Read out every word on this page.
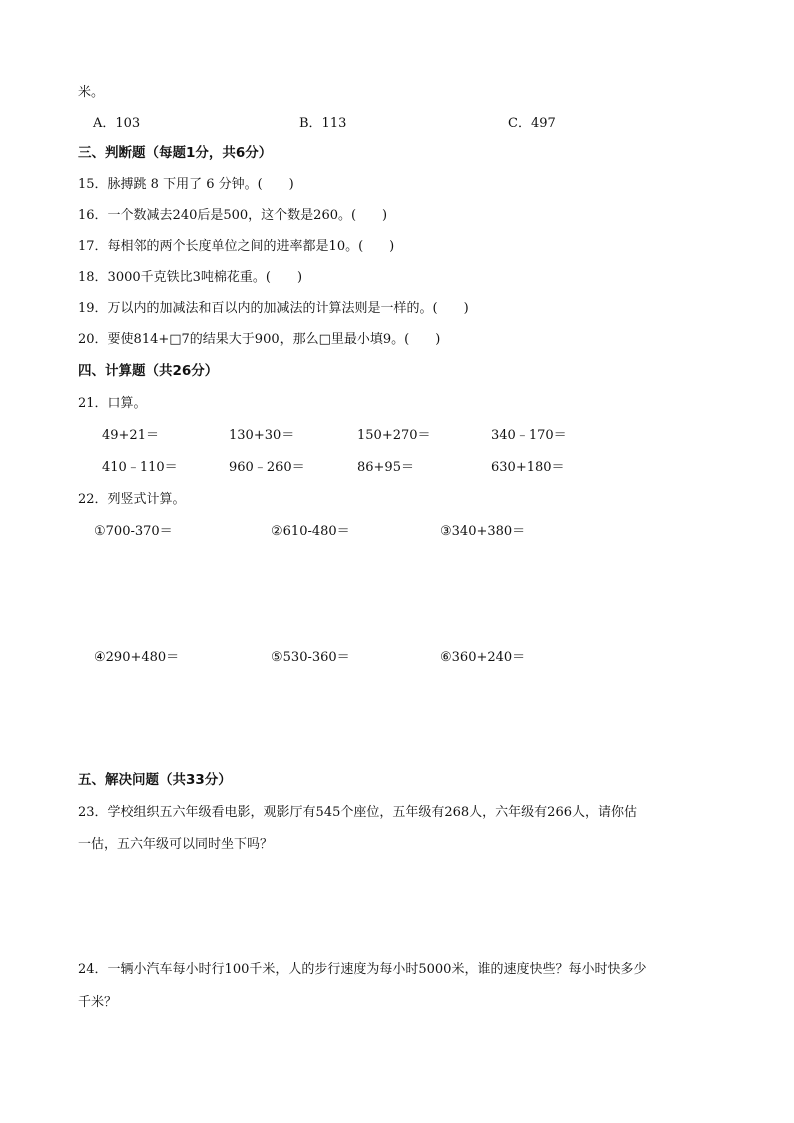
米。
A．103	B．113	C．497
三、判断题（每题1分，共6分）
15．脉搏跳 8 下用了 6 分钟。(　　)
16．一个数减去240后是500，这个数是260。(　　)
17．每相邻的两个长度单位之间的进率都是10。(　　)
18．3000千克铁比3吨棉花重。(　　)
19．万以内的加减法和百以内的加减法的计算法则是一样的。(　　)
20．要使814+□7的结果大于900，那么□里最小填9。(　　)
四、计算题（共26分）
21．口算。
49+21＝	130+30＝	150+270＝	340﹣170＝
410﹣110＝	960﹣260＝	86+95＝	630+180＝
22．列竖式计算。
①700-370＝	②610-480＝	③340+380＝
④290+480＝	⑤530-360＝	⑥360+240＝
五、解决问题（共33分）
23．学校组织五六年级看电影，观影厅有545个座位，五年级有268人，六年级有266人，请你估
一估，五六年级可以同时坐下吗？
24．一辆小汽车每小时行100千米，人的步行速度为每小时5000米，谁的速度快些？每小时快多少
千米？
